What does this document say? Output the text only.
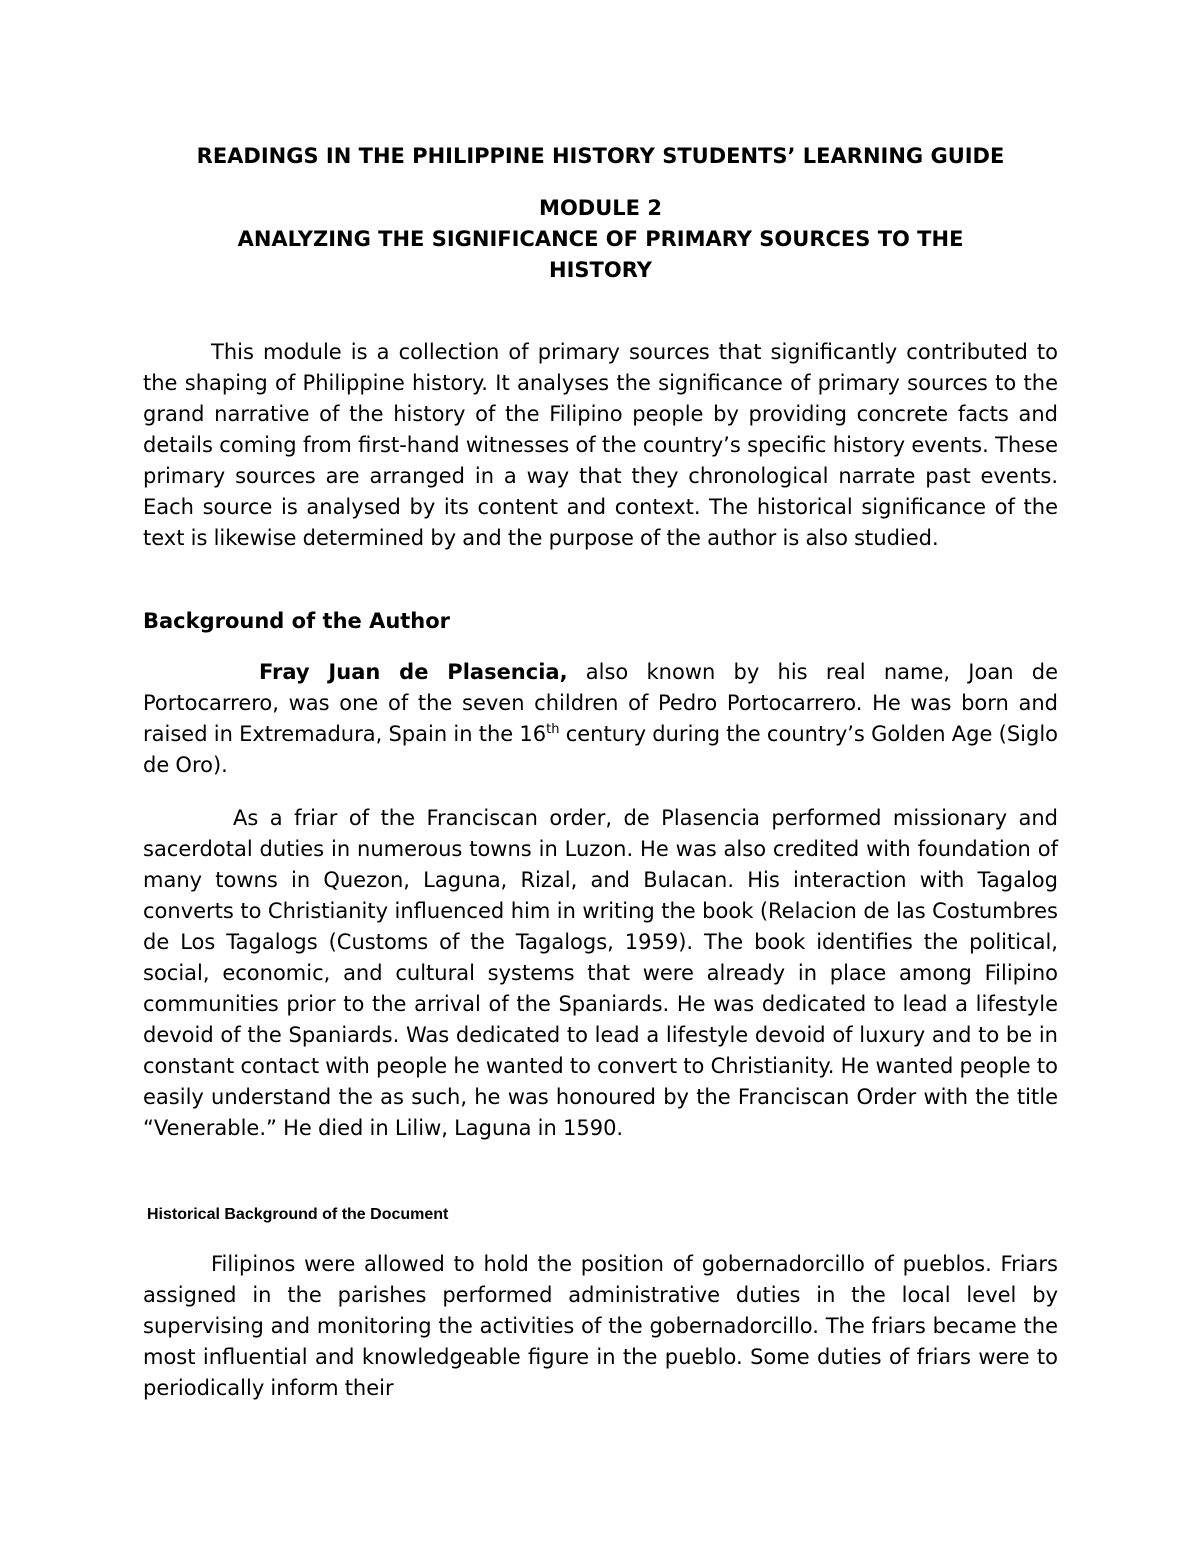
READINGS IN THE PHILIPPINE HISTORY STUDENTS’ LEARNING GUIDE

MODULE 2

ANALYZING THE SIGNIFICANCE OF PRIMARY SOURCES TO THE

HISTORY

This module is a collection of primary sources that significantly contributed to the shaping of Philippine history. It analyses the significance of primary sources to the grand narrative of the history of the Filipino people by providing concrete facts and details coming from first-hand witnesses of the country’s specific history events. These primary sources are arranged in a way that they chronological narrate past events. Each source is analysed by its content and context. The historical significance of the text is likewise determined by and the purpose of the author is also studied.

Background of the Author

Fray Juan de Plasencia, also known by his real name, Joan de Portocarrero, was one of the seven children of Pedro Portocarrero. He was born and raised in Extremadura, Spain in the 16th century during the country’s Golden Age (Siglo de Oro).

As a friar of the Franciscan order, de Plasencia performed missionary and sacerdotal duties in numerous towns in Luzon. He was also credited with foundation of many towns in Quezon, Laguna, Rizal, and Bulacan. His interaction with Tagalog converts to Christianity influenced him in writing the book (Relacion de las Costumbres de Los Tagalogs (Customs of the Tagalogs, 1959). The book identifies the political, social, economic, and cultural systems that were already in place among Filipino communities prior to the arrival of the Spaniards. He was dedicated to lead a lifestyle devoid of the Spaniards. Was dedicated to lead a lifestyle devoid of luxury and to be in constant contact with people he wanted to convert to Christianity. He wanted people to easily understand the as such, he was honoured by the Franciscan Order with the title “Venerable.” He died in Liliw, Laguna in 1590.

Historical Background of the Document

Filipinos were allowed to hold the position of gobernadorcillo of pueblos. Friars assigned in the parishes performed administrative duties in the local level by supervising and monitoring the activities of the gobernadorcillo. The friars became the most influential and knowledgeable figure in the pueblo. Some duties of friars were to periodically inform their
